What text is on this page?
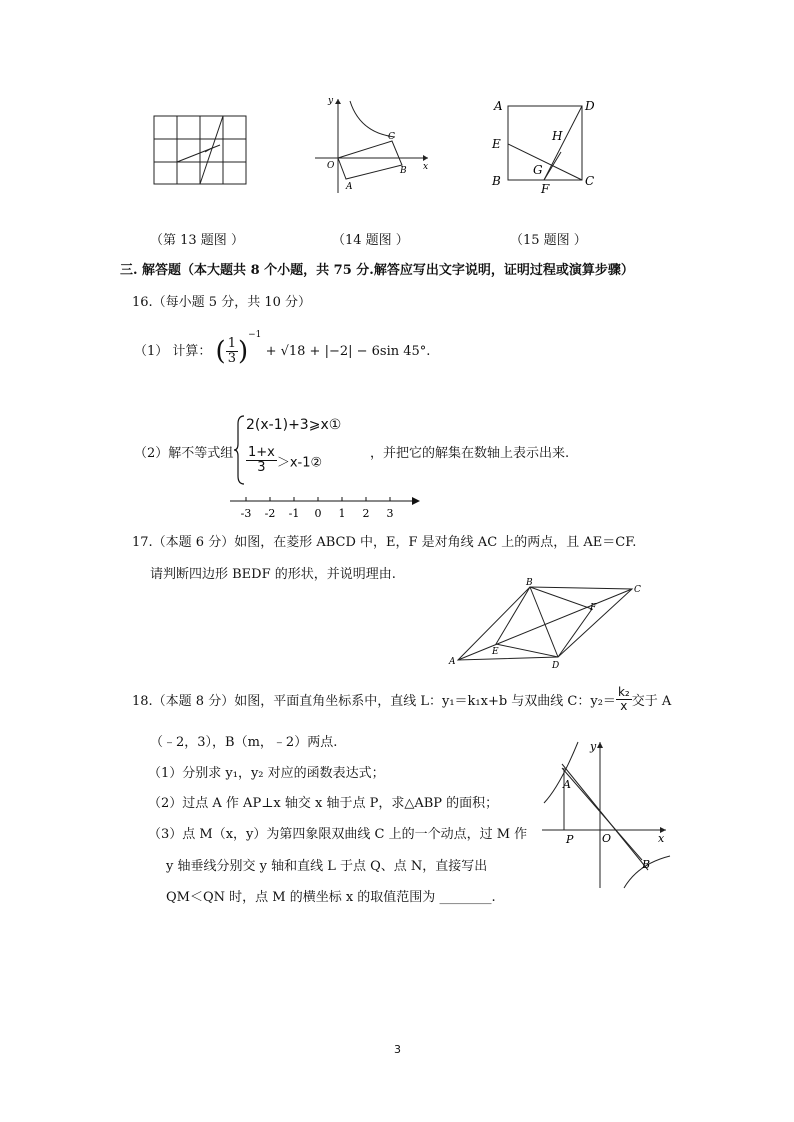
y
x
O
A
B
C
A	D
E
H
G
B
F
C
（第 13 题图 ）	（14 题图 ）	（15 题图 ）
三. 解答题（本大题共 8 个小题，共 75 分.解答应写出文字说明，证明过程或演算步骤）
16.（每小题 5 分，共 10 分）
（1） 计算： ( $\frac{1}{3} )^{-1} + √18 + |-2| - 6\sin$ 45°.
（2）解不等式组
2(x-1)+3⩾x①
$\frac{1+x}{3}$ ＞x-1②
，并把它的解集在数轴上表示出来.
-3 -2 -1 0 1 2 3
17.（本题 6 分）如图，在菱形 ABCD 中，E，F 是对角线 AC 上的两点，且 AE＝CF.
请判断四边形 BEDF 的形状，并说明理由.
A
B
C
D
E
F
18.（本题 8 分）如图，平面直角坐标系中，直线 L：y₁＝k₁x+b 与双曲线 C：$y_2= \frac{\text{k₂}}{x}$ 交于 A
（﹣2，3），B（m，﹣2）两点.
（1）分别求 y₁，y₂ 对应的函数表达式；
（2）过点 A 作 AP⊥x 轴交 x 轴于点 P，求△ABP 的面积；
（3）点 M（x，y）为第四象限双曲线 C 上的一个动点，过 M 作
y 轴垂线分别交 y 轴和直线 L 于点 Q、点 N，直接写出
QM＜QN 时，点 M 的横坐标 x 的取值范围为 ________.
y
x
A
P	O
B
3
